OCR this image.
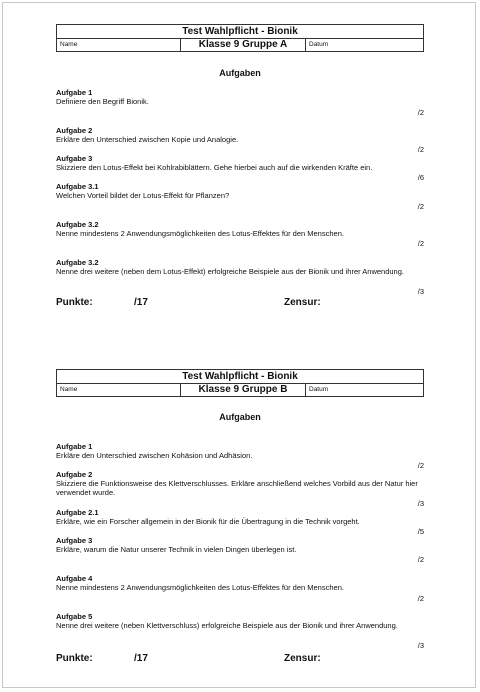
Test Wahlpflicht - Bionik
Name	Klasse 9 Gruppe A	Datum
Aufgaben
Aufgabe 1
Definiere den Begriff Bionik.
/2
Aufgabe 2
Erkläre den Unterschied zwischen Kopie und Analogie.
/2
Aufgabe 3
Skizziere den Lotus-Effekt bei Kohlrabiblättern. Gehe hierbei auch auf die wirkenden Kräfte ein.
/6
Aufgabe 3.1
Welchen Vorteil bildet der Lotus-Effekt für Pflanzen?
/2
Aufgabe 3.2
Nenne mindestens 2 Anwendungsmöglichkeiten des Lotus-Effektes für den Menschen.
/2
Aufgabe 3.2
Nenne drei weitere (neben dem Lotus-Effekt) erfolgreiche Beispiele aus der Bionik und ihrer Anwendung.
/3
Punkte:	/17	Zensur:
Test Wahlpflicht - Bionik
Name	Klasse 9 Gruppe B	Datum
Aufgaben
Aufgabe 1
Erkläre den Unterschied zwischen Kohäsion und Adhäsion.
/2
Aufgabe 2
Skizziere die Funktionsweise des Klettverschlusses. Erkläre anschließend welches Vorbild aus der Natur hier verwendet wurde.
/3
Aufgabe 2.1
Erkläre, wie ein Forscher allgemein in der Bionik für die Übertragung in die Technik vorgeht.
/5
Aufgabe 3
Erkläre, warum die Natur unserer Technik in vielen Dingen überlegen ist.
/2
Aufgabe 4
Nenne mindestens 2 Anwendungsmöglichkeiten des Lotus-Effektes für den Menschen.
/2
Aufgabe 5
Nenne drei weitere (neben Klettverschluss) erfolgreiche Beispiele aus der Bionik und ihrer Anwendung.
/3
Punkte:	/17	Zensur:
